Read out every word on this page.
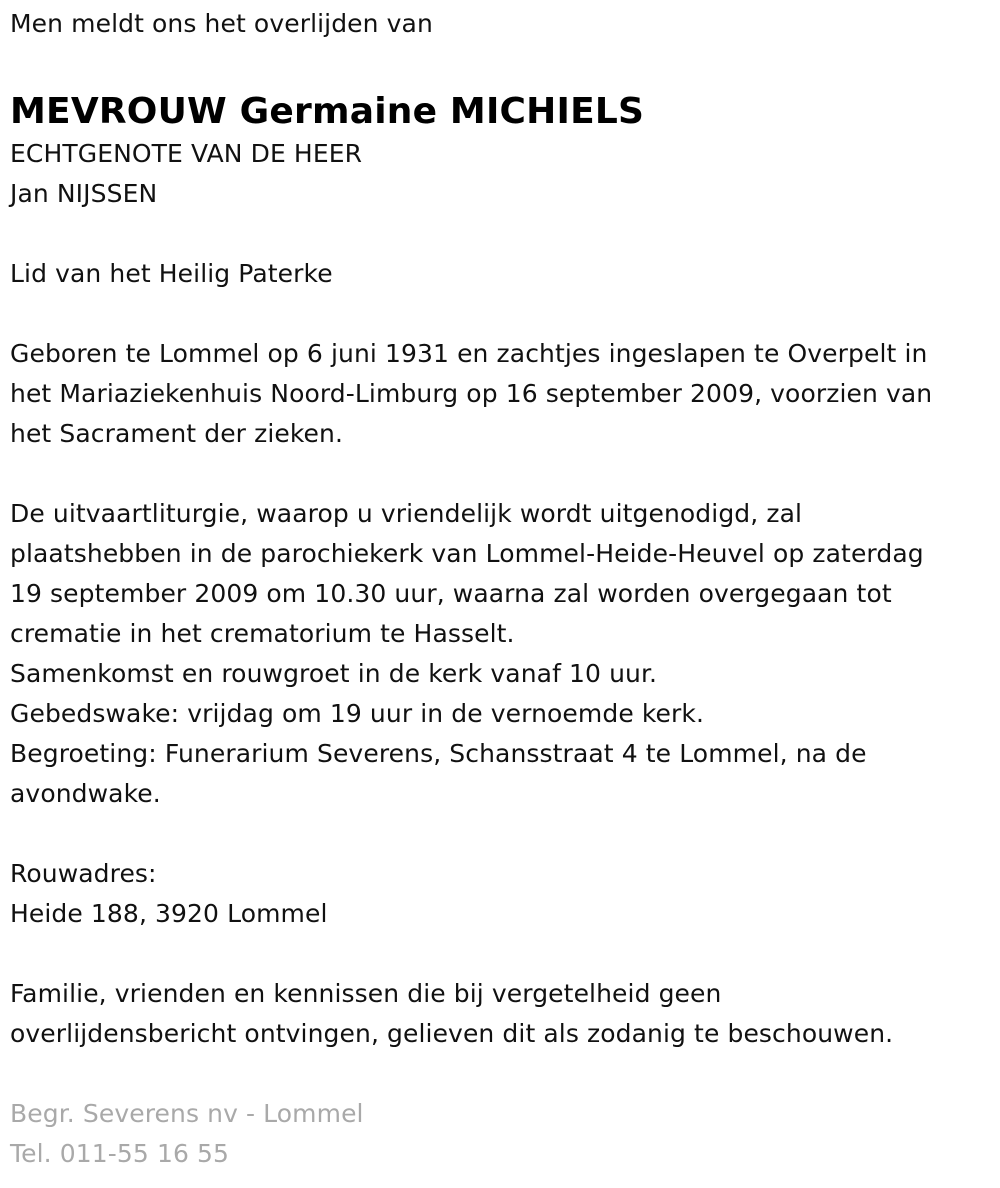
Men meldt ons het overlijden van

MEVROUW Germaine MICHIELS

ECHTGENOTE VAN DE HEER

Jan NIJSSEN

Lid van het Heilig Paterke

Geboren te Lommel op 6 juni 1931 en zachtjes ingeslapen te Overpelt in

het Mariaziekenhuis Noord-Limburg op 16 september 2009, voorzien van

het Sacrament der zieken.

De uitvaartliturgie, waarop u vriendelijk wordt uitgenodigd, zal

plaatshebben in de parochiekerk van Lommel-Heide-Heuvel op zaterdag

19 september 2009 om 10.30 uur, waarna zal worden overgegaan tot

crematie in het crematorium te Hasselt.

Samenkomst en rouwgroet in de kerk vanaf 10 uur.

Gebedswake: vrijdag om 19 uur in de vernoemde kerk.

Begroeting: Funerarium Severens, Schansstraat 4 te Lommel, na de

avondwake.

Rouwadres:

Heide 188, 3920 Lommel

Familie, vrienden en kennissen die bij vergetelheid geen

overlijdensbericht ontvingen, gelieven dit als zodanig te beschouwen.

Begr. Severens nv - Lommel

Tel. 011-55 16 55
